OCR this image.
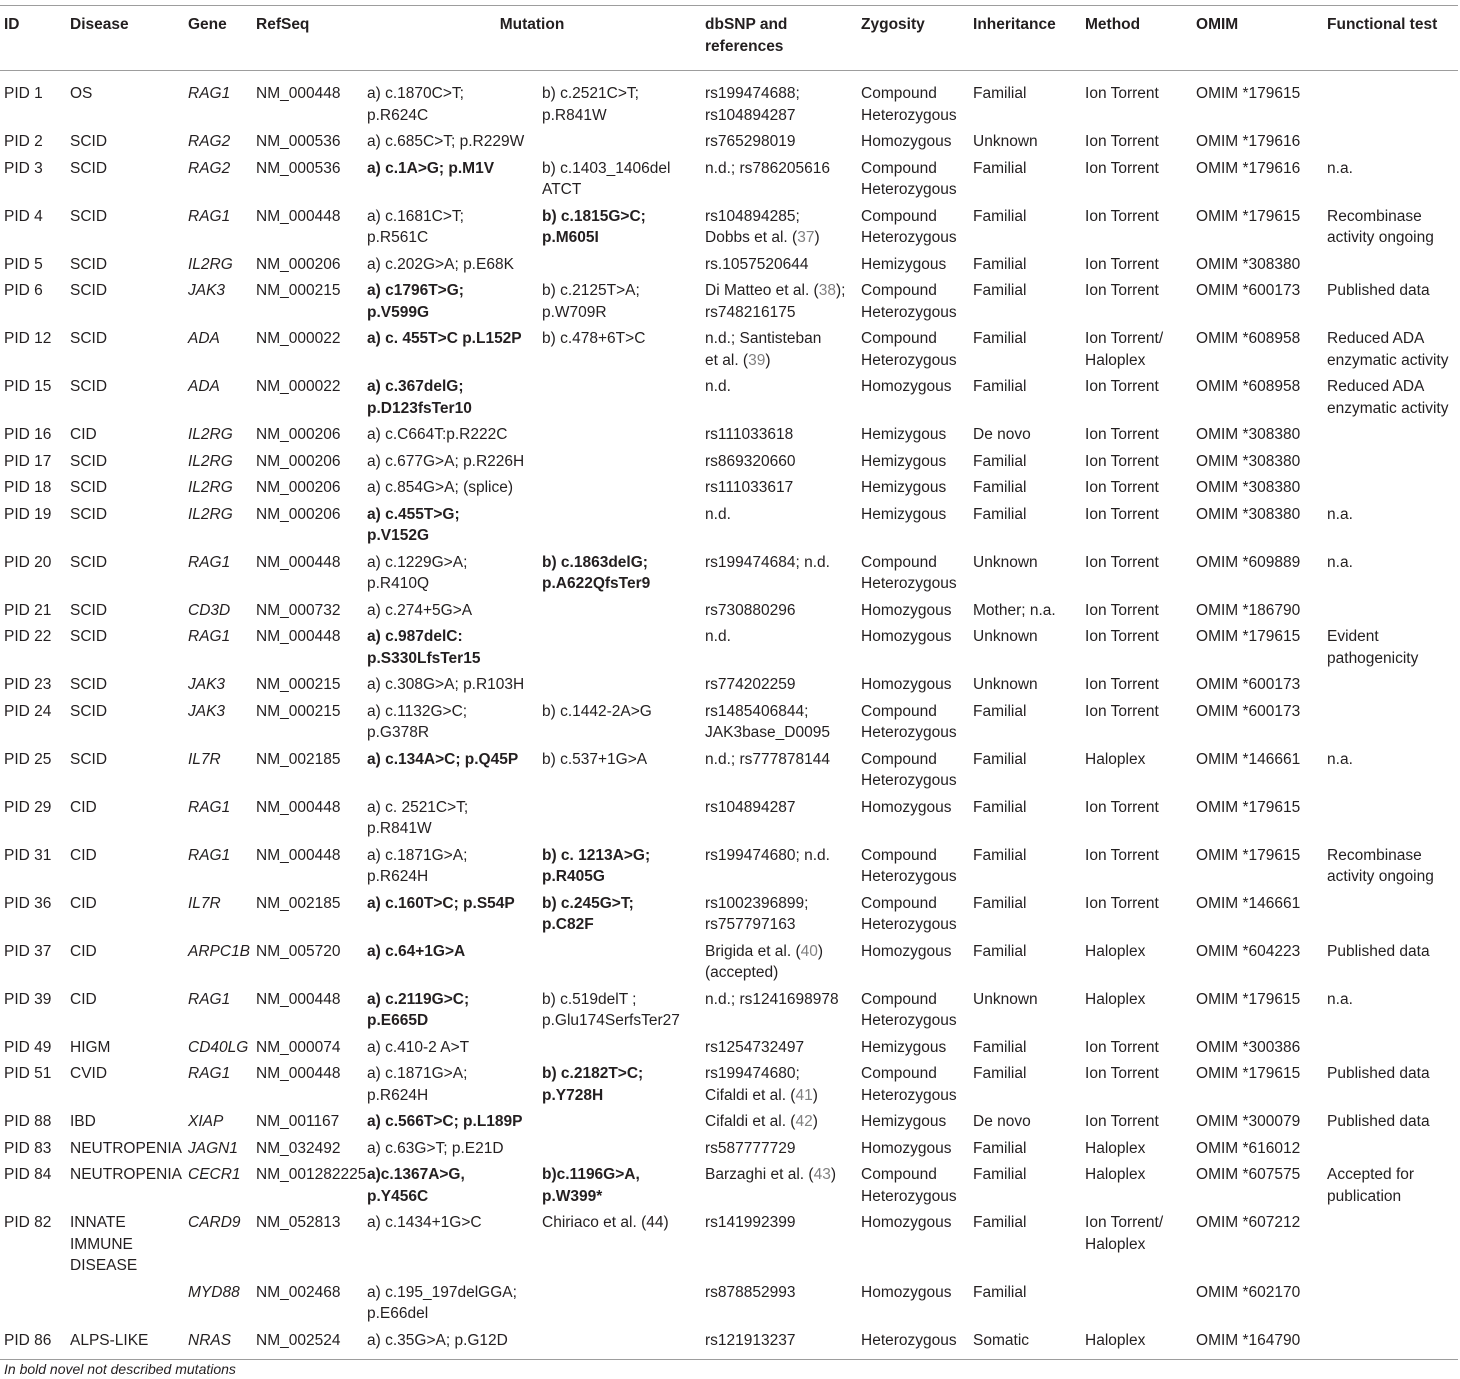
ID	Disease	Gene	RefSeq	Mutation		dbSNP and
references	Zygosity	Inheritance	Method	OMIM	Functional test
PID 1	OS	RAG1	NM_000448	a) c.1870C>T;
p.R624C	b) c.2521C>T;
p.R841W	rs199474688;
rs104894287	Compound
Heterozygous	Familial	Ion Torrent	OMIM *179615	
PID 2	SCID	RAG2	NM_000536	a) c.685C>T; p.R229W		rs765298019	Homozygous	Unknown	Ion Torrent	OMIM *179616	
PID 3	SCID	RAG2	NM_000536	a) c.1A>G; p.M1V	b) c.1403_1406del
ATCT	n.d.; rs786205616	Compound
Heterozygous	Familial	Ion Torrent	OMIM *179616	n.a.
PID 4	SCID	RAG1	NM_000448	a) c.1681C>T;
p.R561C	b) c.1815G>C;
p.M605I	rs104894285;
Dobbs et al. (37)	Compound
Heterozygous	Familial	Ion Torrent	OMIM *179615	Recombinase
activity ongoing
PID 5	SCID	IL2RG	NM_000206	a) c.202G>A; p.E68K		rs.1057520644	Hemizygous	Familial	Ion Torrent	OMIM *308380	
PID 6	SCID	JAK3	NM_000215	a) c1796T>G;
p.V599G	b) c.2125T>A;
p.W709R	Di Matteo et al. (38);
rs748216175	Compound
Heterozygous	Familial	Ion Torrent	OMIM *600173	Published data
PID 12	SCID	ADA	NM_000022	a) c. 455T>C p.L152P	b) c.478+6T>C	n.d.; Santisteban
et al. (39)	Compound
Heterozygous	Familial	Ion Torrent/
Haloplex	OMIM *608958	Reduced ADA
enzymatic activity
PID 15	SCID	ADA	NM_000022	a) c.367delG;
p.D123fsTer10		n.d.	Homozygous	Familial	Ion Torrent	OMIM *608958	Reduced ADA
enzymatic activity
PID 16	CID	IL2RG	NM_000206	a) c.C664T:p.R222C		rs111033618	Hemizygous	De novo	Ion Torrent	OMIM *308380	
PID 17	SCID	IL2RG	NM_000206	a) c.677G>A; p.R226H		rs869320660	Hemizygous	Familial	Ion Torrent	OMIM *308380	
PID 18	SCID	IL2RG	NM_000206	a) c.854G>A; (splice)		rs111033617	Hemizygous	Familial	Ion Torrent	OMIM *308380	
PID 19	SCID	IL2RG	NM_000206	a) c.455T>G;
p.V152G		n.d.	Hemizygous	Familial	Ion Torrent	OMIM *308380	n.a.
PID 20	SCID	RAG1	NM_000448	a) c.1229G>A;
p.R410Q	b) c.1863delG;
p.A622QfsTer9	rs199474684; n.d.	Compound
Heterozygous	Unknown	Ion Torrent	OMIM *609889	n.a.
PID 21	SCID	CD3D	NM_000732	a) c.274+5G>A		rs730880296	Homozygous	Mother; n.a.	Ion Torrent	OMIM *186790	
PID 22	SCID	RAG1	NM_000448	a) c.987delC:
p.S330LfsTer15		n.d.	Homozygous	Unknown	Ion Torrent	OMIM *179615	Evident
pathogenicity
PID 23	SCID	JAK3	NM_000215	a) c.308G>A; p.R103H		rs774202259	Homozygous	Unknown	Ion Torrent	OMIM *600173	
PID 24	SCID	JAK3	NM_000215	a) c.1132G>C;
p.G378R	b) c.1442-2A>G	rs1485406844;
JAK3base_D0095	Compound
Heterozygous	Familial	Ion Torrent	OMIM *600173	
PID 25	SCID	IL7R	NM_002185	a) c.134A>C; p.Q45P	b) c.537+1G>A	n.d.; rs777878144	Compound
Heterozygous	Familial	Haloplex	OMIM *146661	n.a.
PID 29	CID	RAG1	NM_000448	a) c. 2521C>T;
p.R841W		rs104894287	Homozygous	Familial	Ion Torrent	OMIM *179615	
PID 31	CID	RAG1	NM_000448	a) c.1871G>A;
p.R624H	b) c. 1213A>G;
p.R405G	rs199474680; n.d.	Compound
Heterozygous	Familial	Ion Torrent	OMIM *179615	Recombinase
activity ongoing
PID 36	CID	IL7R	NM_002185	a) c.160T>C; p.S54P	b) c.245G>T;
p.C82F	rs1002396899;
rs757797163	Compound
Heterozygous	Familial	Ion Torrent	OMIM *146661	
PID 37	CID	ARPC1B	NM_005720	a) c.64+1G>A		Brigida et al. (40)
(accepted)	Homozygous	Familial	Haloplex	OMIM *604223	Published data
PID 39	CID	RAG1	NM_000448	a) c.2119G>C;
p.E665D	b) c.519delT ;
p.Glu174SerfsTer27	n.d.; rs1241698978	Compound
Heterozygous	Unknown	Haloplex	OMIM *179615	n.a.
PID 49	HIGM	CD40LG	NM_000074	a) c.410-2 A>T		rs1254732497	Hemizygous	Familial	Ion Torrent	OMIM *300386	
PID 51	CVID	RAG1	NM_000448	a) c.1871G>A;
p.R624H	b) c.2182T>C;
p.Y728H	rs199474680;
Cifaldi et al. (41)	Compound
Heterozygous	Familial	Ion Torrent	OMIM *179615	Published data
PID 88	IBD	XIAP	NM_001167	a) c.566T>C; p.L189P		Cifaldi et al. (42)	Hemizygous	De novo	Ion Torrent	OMIM *300079	Published data
PID 83	NEUTROPENIA	JAGN1	NM_032492	a) c.63G>T; p.E21D		rs587777729	Homozygous	Familial	Haloplex	OMIM *616012	
PID 84	NEUTROPENIA	CECR1	NM_001282225	a)c.1367A>G,
p.Y456C	b)c.1196G>A,
p.W399*	Barzaghi et al. (43)	Compound
Heterozygous	Familial	Haloplex	OMIM *607575	Accepted for
publication
PID 82	INNATE
IMMUNE
DISEASE	CARD9	NM_052813	a) c.1434+1G>C	Chiriaco et al. (44)	rs141992399	Homozygous	Familial	Ion Torrent/
Haloplex	OMIM *607212	
		MYD88	NM_002468	a) c.195_197delGGA;
p.E66del		rs878852993	Homozygous	Familial		OMIM *602170	
PID 86	ALPS-LIKE	NRAS	NM_002524	a) c.35G>A; p.G12D		rs121913237	Heterozygous	Somatic	Haloplex	OMIM *164790	
In bold novel not described mutations
